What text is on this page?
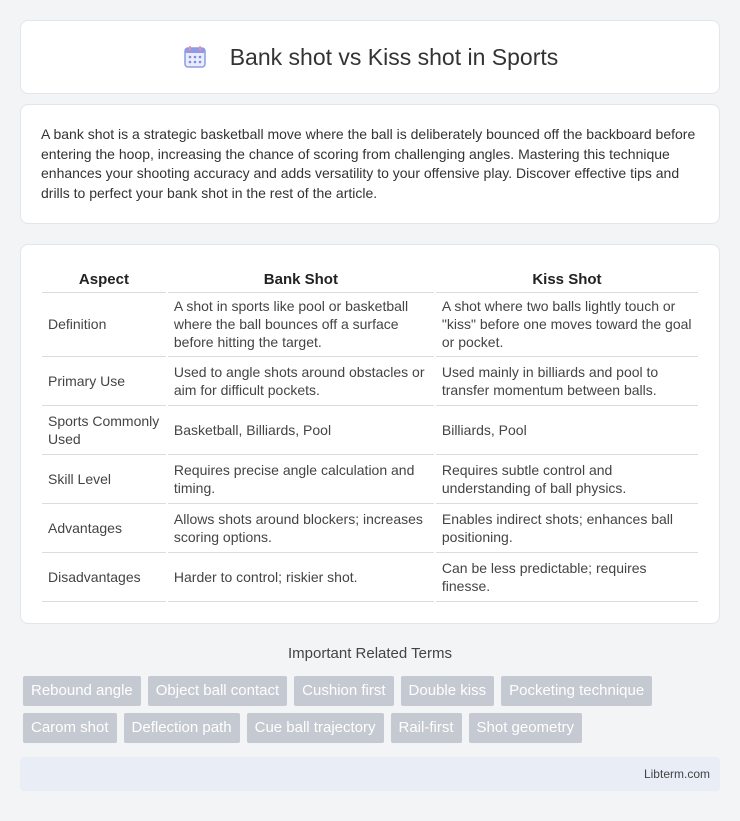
Bank shot vs Kiss shot in Sports

A bank shot is a strategic basketball move where the ball is deliberately bounced off the backboard before entering the hoop, increasing the chance of scoring from challenging angles. Mastering this technique enhances your shooting accuracy and adds versatility to your offensive play. Discover effective tips and drills to perfect your bank shot in the rest of the article.

Aspect	Bank Shot	Kiss Shot
Definition	A shot in sports like pool or basketball where the ball bounces off a surface before hitting the target.	A shot where two balls lightly touch or "kiss" before one moves toward the goal or pocket.
Primary Use	Used to angle shots around obstacles or aim for difficult pockets.	Used mainly in billiards and pool to transfer momentum between balls.
Sports Commonly Used	Basketball, Billiards, Pool	Billiards, Pool
Skill Level	Requires precise angle calculation and timing.	Requires subtle control and understanding of ball physics.
Advantages	Allows shots around blockers; increases scoring options.	Enables indirect shots; enhances ball positioning.
Disadvantages	Harder to control; riskier shot.	Can be less predictable; requires finesse.
Important Related Terms
Rebound angle	Object ball contact	Cushion first	Double kiss	Pocketing technique
Carom shot	Deflection path	Cue ball trajectory	Rail-first	Shot geometry
Libterm.com
